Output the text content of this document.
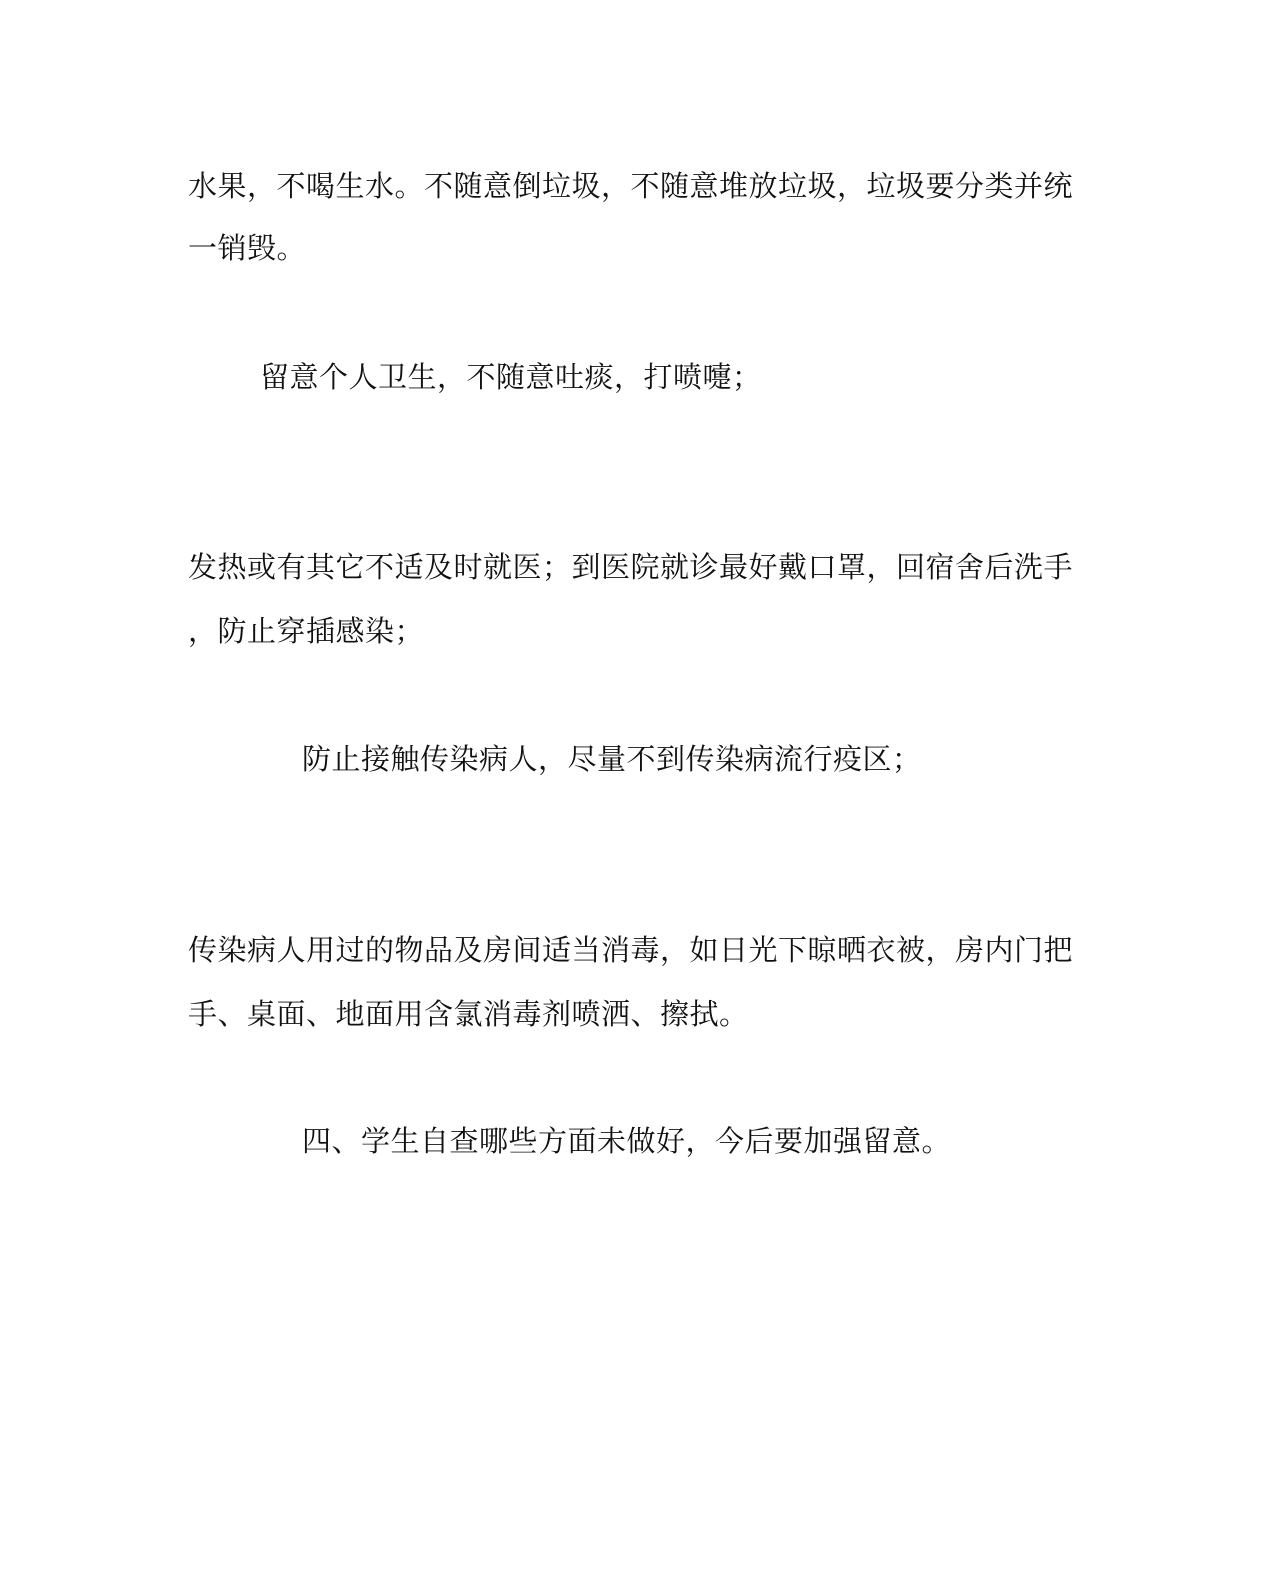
水果，不喝生水。不随意倒垃圾，不随意堆放垃圾，垃圾要分类并统
一销毁。
留意个人卫生，不随意吐痰，打喷嚏；
发热或有其它不适及时就医；到医院就诊最好戴口罩，回宿舍后洗手
，防止穿插感染；
防止接触传染病人，尽量不到传染病流行疫区；
传染病人用过的物品及房间适当消毒，如日光下晾晒衣被，房内门把
手、桌面、地面用含氯消毒剂喷洒、擦拭。
四、学生自查哪些方面未做好，今后要加强留意。
